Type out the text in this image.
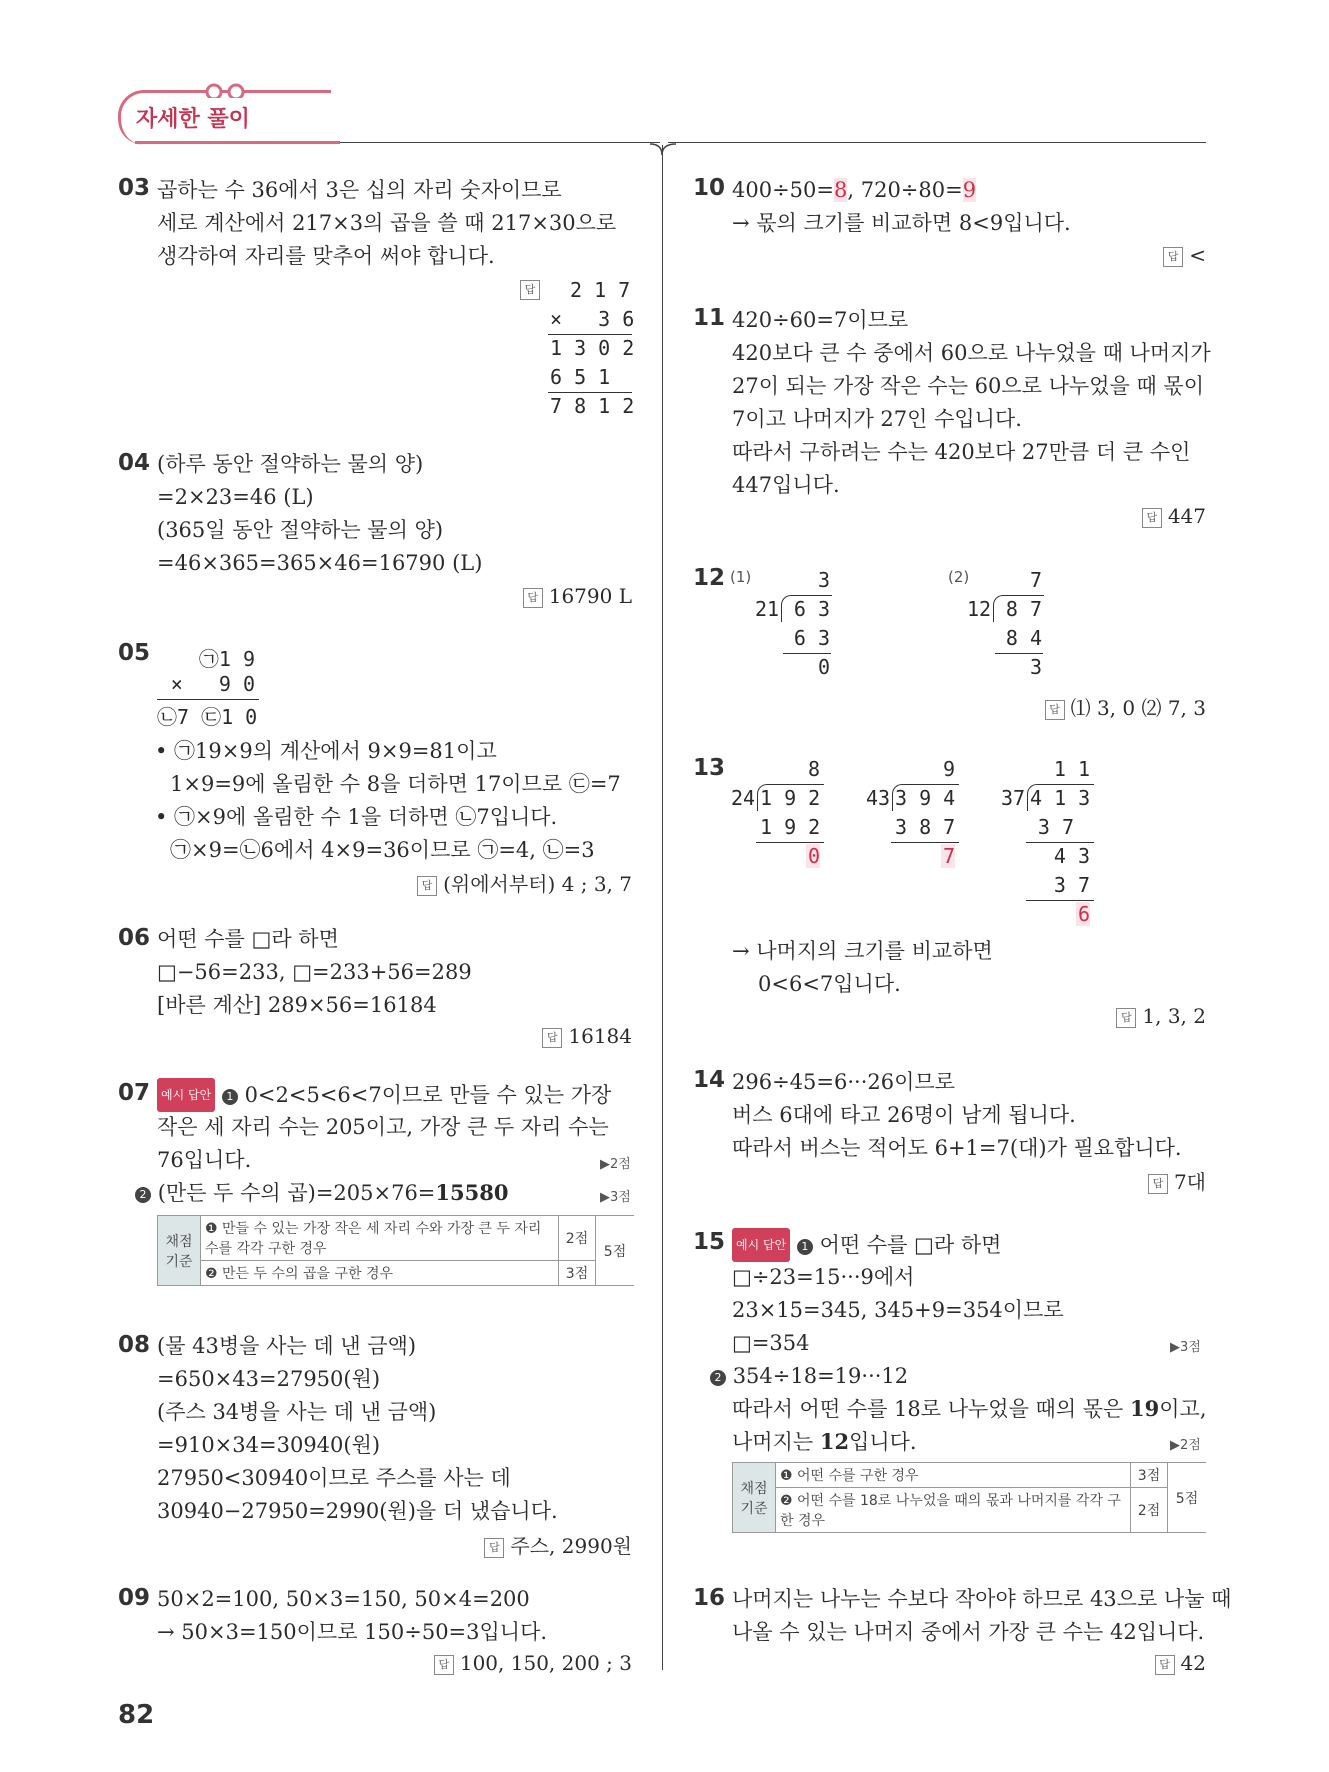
자세한 풀이
82
03 곱하는 수 36에서 3은 십의 자리 숫자이므로
세로 계산에서 217×3의 곱을 쓸 때 217×30으로
생각하여 자리를 맞추어 써야 합니다.
답 2 1 7
×   3 6
1 3 0 2
6 5 1
7 8 1 2
04 (하루 동안 절약하는 물의 양)
=2×23=46 (L)
(365일 동안 절약하는 물의 양)
=46×365=365×46=16790 (L)
답 16790 L
05	㉠1 9
×   9 0
㉡7 ㉢1 0
• ㉠19×9의 계산에서 9×9=81이고
1×9=9에 올림한 수 8을 더하면 17이므로 ㉢=7
• ㉠×9에 올림한 수 1을 더하면 ㉡7입니다.
㉠×9=㉡6에서 4×9=36이므로 ㉠=4, ㉡=3
답 (위에서부터) 4 ; 3, 7
06 어떤 수를 □라 하면
□−56=233, □=233+56=289
[바른 계산] 289×56=16184
답 16184
07 예시 답안 1 0<2<5<6<7이므로 만들 수 있는 가장
작은 세 자리 수는 205이고, 가장 큰 두 자리 수는
76입니다.	▶2점
2 (만든 두 수의 곱)=205×76=15580	▶3점
채점 기준	❶ 만들 수 있는 가장 작은 세 자리 수와 가장 큰 두 자리 수를 각각 구한 경우	2점	5점
	❷ 만든 두 수의 곱을 구한 경우	3점	
08 (물 43병을 사는 데 낸 금액)
=650×43=27950(원)
(주스 34병을 사는 데 낸 금액)
=910×34=30940(원)
27950<30940이므로 주스를 사는 데
30940−27950=2990(원)을 더 냈습니다.
답 주스, 2990원
09 50×2=100, 50×3=150, 50×4=200
→ 50×3=150이므로 150÷50=3입니다.
답 100, 150, 200 ; 3
10 400÷50=8, 720÷80=9
→ 몫의 크기를 비교하면 8<9입니다.
답 <
11 420÷60=7이므로
420보다 큰 수 중에서 60으로 나누었을 때 나머지가
27이 되는 가장 작은 수는 60으로 나누었을 때 몫이
7이고 나머지가 27인 수입니다.
따라서 구하려는 수는 420보다 27만큼 더 큰 수인
447입니다.
답 447
12 (1)	3
21 6 3
6 3
0
(2)	7
12 8 7
8 4
3
답 ⑴ 3, 0 ⑵ 7, 3
13	8
24 1 9 2
1 9 2
0
9
43 3 9 4
3 8 7
7
1 1
37 4 1 3
3 7
4 3
3 7
6
→ 나머지의 크기를 비교하면
0<6<7입니다.
답 1, 3, 2
14 296÷45=6···26이므로
버스 6대에 타고 26명이 남게 됩니다.
따라서 버스는 적어도 6+1=7(대)가 필요합니다.
답 7대
15 예시 답안 1 어떤 수를 □라 하면
□÷23=15···9에서
23×15=345, 345+9=354이므로
□=354	▶3점
2 354÷18=19···12
따라서 어떤 수를 18로 나누었을 때의 몫은 19이고,
나머지는 12입니다.	▶2점
채점 기준	❶ 어떤 수를 구한 경우	3점	5점
	❷ 어떤 수를 18로 나누었을 때의 몫과 나머지를 각각 구한 경우	2점	
16 나머지는 나누는 수보다 작아야 하므로 43으로 나눌 때
나올 수 있는 나머지 중에서 가장 큰 수는 42입니다.
답 42
